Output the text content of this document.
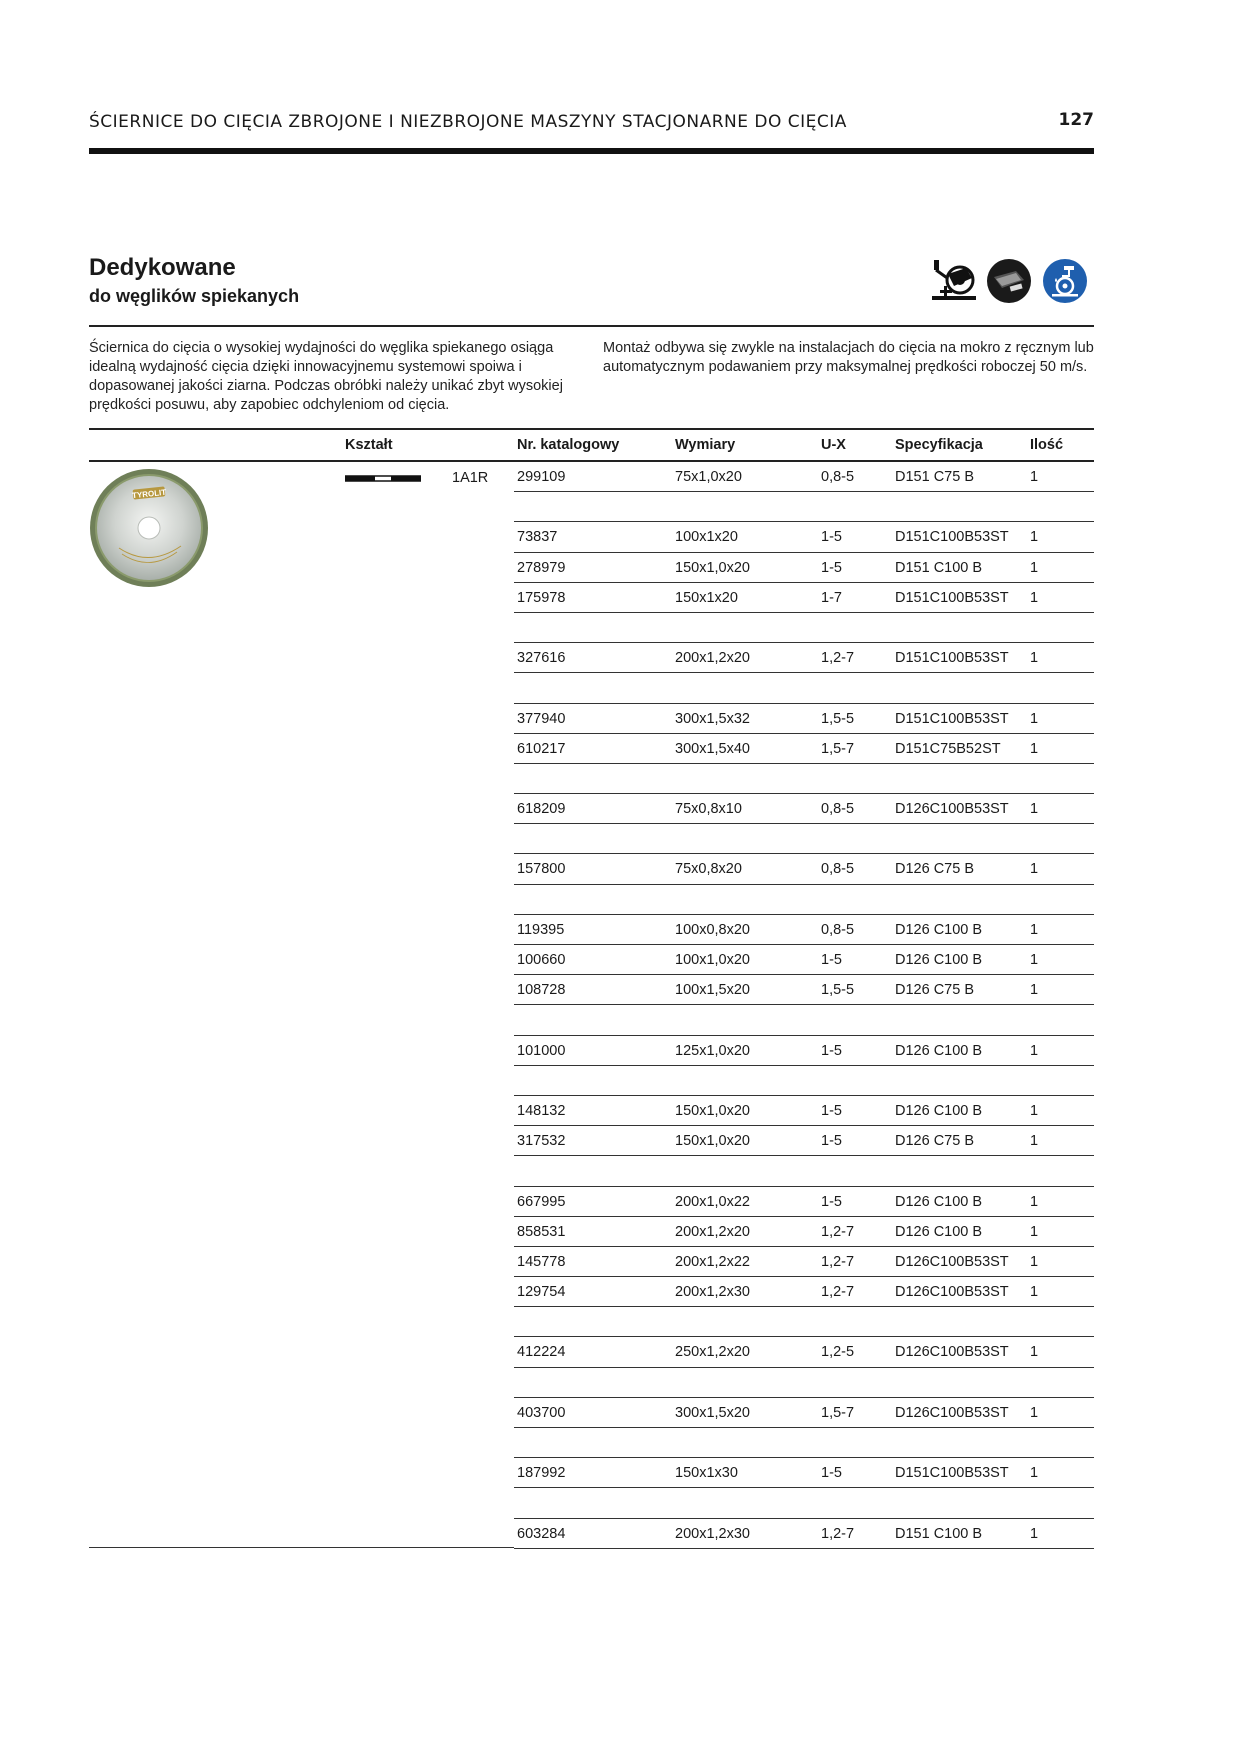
ŚCIERNICE DO CIĘCIA ZBROJONE I NIEZBROJONE MASZYNY STACJONARNE DO CIĘCIA	127
Dedykowane
do węglików spiekanych
Ściernica do cięcia o wysokiej wydajności do węglika spiekanego osiąga idealną wydajność cięcia dzięki innowacyjnemu systemowi spoiwa i dopasowanej jakości ziarna. Podczas obróbki należy unikać zbyt wysokiej prędkości posuwu, aby zapobiec odchyleniom od cięcia.
Montaż odbywa się zwykle na instalacjach do cięcia na mokro z ręcznym lub automatycznym podawaniem przy maksymalnej prędkości roboczej 50 m/s.
Kształt	Nr. katalogowy	Wymiary	U-X	Specyfikacja	Ilość
TYROLIT
1A1R 299109	75x1,0x20	0,8-5	D151 C75 B	1
73837	100x1x20	1-5	D151C100B53ST 1
278979	150x1,0x20	1-5	D151 C100 B	1
175978	150x1x20	1-7	D151C100B53ST 1
327616	200x1,2x20	1,2-7	D151C100B53ST 1
377940	300x1,5x32	1,5-5	D151C100B53ST 1
610217	300x1,5x40	1,5-7	D151C75B52ST 1
618209	75x0,8x10	0,8-5	D126C100B53ST 1
157800	75x0,8x20	0,8-5	D126 C75 B	1
119395	100x0,8x20	0,8-5	D126 C100 B	1
100660	100x1,0x20	1-5	D126 C100 B	1
108728	100x1,5x20	1,5-5	D126 C75 B	1
101000	125x1,0x20	1-5	D126 C100 B	1
148132	150x1,0x20	1-5	D126 C100 B	1
317532	150x1,0x20	1-5	D126 C75 B	1
667995	200x1,0x22	1-5	D126 C100 B	1
858531	200x1,2x20	1,2-7	D126 C100 B	1
145778	200x1,2x22	1,2-7	D126C100B53ST 1
129754	200x1,2x30	1,2-7	D126C100B53ST 1
412224	250x1,2x20	1,2-5	D126C100B53ST 1
403700	300x1,5x20	1,5-7	D126C100B53ST 1
187992	150x1x30	1-5	D151C100B53ST 1
603284	200x1,2x30	1,2-7	D151 C100 B	1
